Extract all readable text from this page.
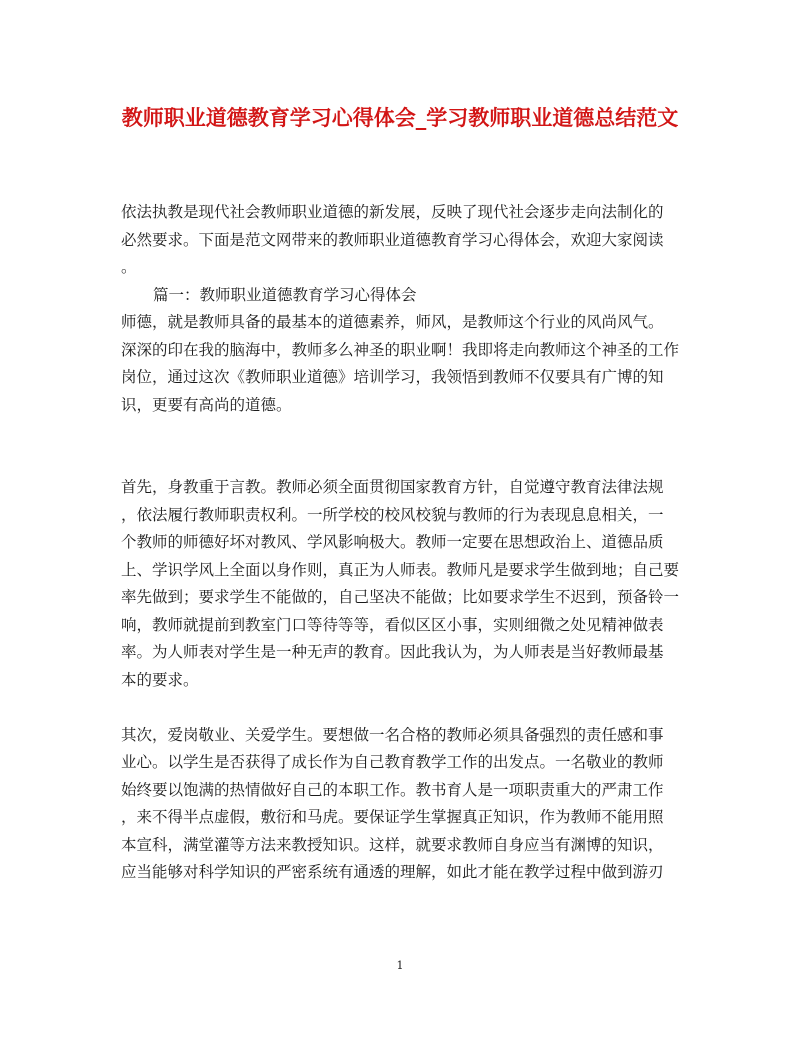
教师职业道德教育学习心得体会_学习教师职业道德总结范文

依法执教是现代社会教师职业道德的新发展，反映了现代社会逐步走向法制化的

必然要求。下面是范文网带来的教师职业道德教育学习心得体会，欢迎大家阅读

。

篇一：教师职业道德教育学习心得体会

师德，就是教师具备的最基本的道德素养，师风，是教师这个行业的风尚风气。

深深的印在我的脑海中，教师多么神圣的职业啊！我即将走向教师这个神圣的工作

岗位，通过这次《教师职业道德》培训学习，我领悟到教师不仅要具有广博的知

识，更要有高尚的道德。

首先，身教重于言教。教师必须全面贯彻国家教育方针，自觉遵守教育法律法规

，依法履行教师职责权利。一所学校的校风校貌与教师的行为表现息息相关，一

个教师的师德好坏对教风、学风影响极大。教师一定要在思想政治上、道德品质

上、学识学风上全面以身作则，真正为人师表。教师凡是要求学生做到地；自己要

率先做到；要求学生不能做的，自己坚决不能做；比如要求学生不迟到，预备铃一

响，教师就提前到教室门口等待等等，看似区区小事，实则细微之处见精神做表

率。为人师表对学生是一种无声的教育。因此我认为，为人师表是当好教师最基

本的要求。

其次，爱岗敬业、关爱学生。要想做一名合格的教师必须具备强烈的责任感和事

业心。以学生是否获得了成长作为自己教育教学工作的出发点。一名敬业的教师

始终要以饱满的热情做好自己的本职工作。教书育人是一项职责重大的严肃工作

，来不得半点虚假，敷衍和马虎。要保证学生掌握真正知识，作为教师不能用照

本宣科，满堂灌等方法来教授知识。这样，就要求教师自身应当有渊博的知识，

应当能够对科学知识的严密系统有通透的理解，如此才能在教学过程中做到游刃

1
